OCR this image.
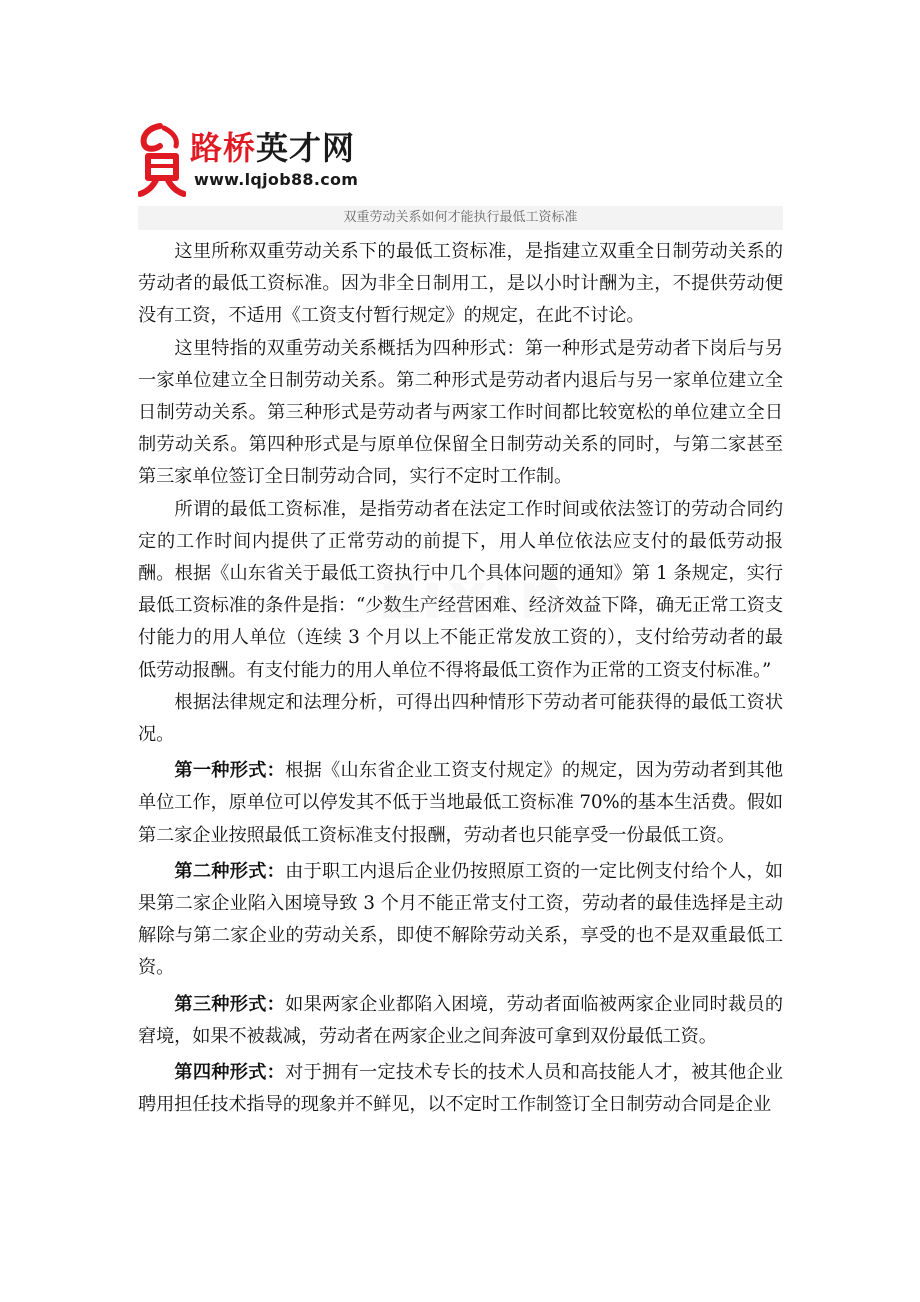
路桥英才网
www.lqjob88.com
双重劳动关系如何才能执行最低工资标准

这里所称双重劳动关系下的最低工资标准，是指建立双重全日制劳动关系的劳动者的最低工资标准。因为非全日制用工，是以小时计酬为主，不提供劳动便没有工资，不适用《工资支付暂行规定》的规定，在此不讨论。

这里特指的双重劳动关系概括为四种形式：第一种形式是劳动者下岗后与另一家单位建立全日制劳动关系。第二种形式是劳动者内退后与另一家单位建立全日制劳动关系。第三种形式是劳动者与两家工作时间都比较宽松的单位建立全日制劳动关系。第四种形式是与原单位保留全日制劳动关系的同时，与第二家甚至第三家单位签订全日制劳动合同，实行不定时工作制。

所谓的最低工资标准，是指劳动者在法定工作时间或依法签订的劳动合同约定的工作时间内提供了正常劳动的前提下，用人单位依法应支付的最低劳动报酬。根据《山东省关于最低工资执行中几个具体问题的通知》第 1 条规定，实行最低工资标准的条件是指：“少数生产经营困难、经济效益下降，确无正常工资支付能力的用人单位（连续 3 个月以上不能正常发放工资的），支付给劳动者的最低劳动报酬。有支付能力的用人单位不得将最低工资作为正常的工资支付标准。”

根据法律规定和法理分析，可得出四种情形下劳动者可能获得的最低工资状况。

第一种形式：根据《山东省企业工资支付规定》的规定，因为劳动者到其他单位工作，原单位可以停发其不低于当地最低工资标准 70%的基本生活费。假如第二家企业按照最低工资标准支付报酬，劳动者也只能享受一份最低工资。

第二种形式：由于职工内退后企业仍按照原工资的一定比例支付给个人，如果第二家企业陷入困境导致 3 个月不能正常支付工资，劳动者的最佳选择是主动解除与第二家企业的劳动关系，即使不解除劳动关系，享受的也不是双重最低工资。

第三种形式：如果两家企业都陷入困境，劳动者面临被两家企业同时裁员的窘境，如果不被裁减，劳动者在两家企业之间奔波可拿到双份最低工资。

第四种形式：对于拥有一定技术专长的技术人员和高技能人才，被其他企业聘用担任技术指导的现象并不鲜见，以不定时工作制签订全日制劳动合同是企业

zixin
